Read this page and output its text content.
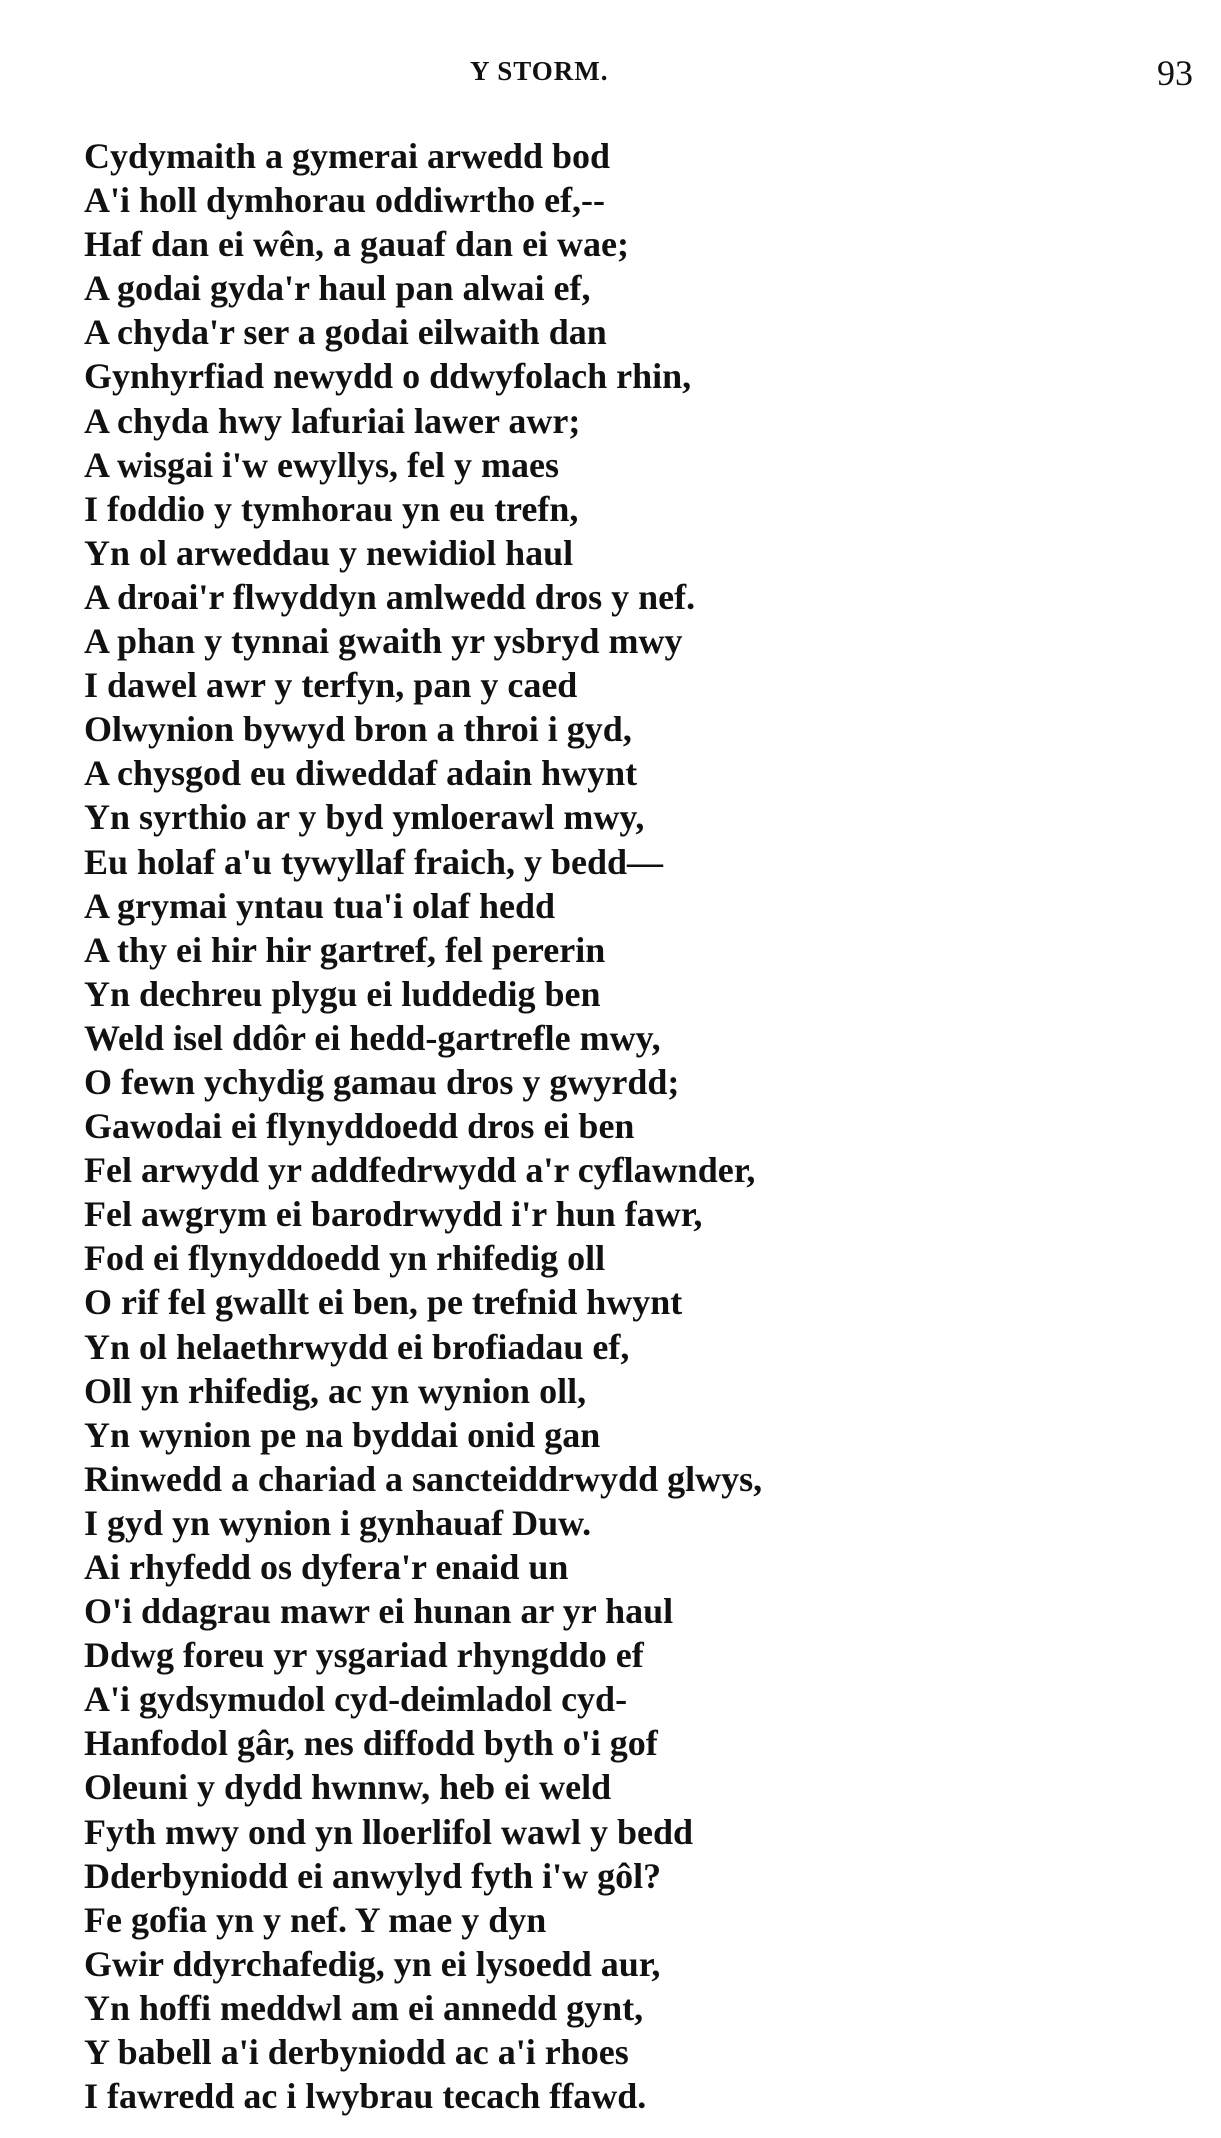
Y STORM.	93
Cydymaith a gymerai arwedd bod
A'i holl dymhorau oddiwrtho ef,--
Haf dan ei wên, a gauaf dan ei wae;
A godai gyda'r haul pan alwai ef,
A chyda'r ser a godai eilwaith dan
Gynhyrfiad newydd o ddwyfolach rhin,
A chyda hwy lafuriai lawer awr;
A wisgai i'w ewyllys, fel y maes
I foddio y tymhorau yn eu trefn,
Yn ol arweddau y newidiol haul
A droai'r flwyddyn amlwedd dros y nef.
A phan y tynnai gwaith yr ysbryd mwy
I dawel awr y terfyn, pan y caed
Olwynion bywyd bron a throi i gyd,
A chysgod eu diweddaf adain hwynt
Yn syrthio ar y byd ymloerawl mwy,
Eu holaf a'u tywyllaf fraich, y bedd—
A grymai yntau tua'i olaf hedd
A thy ei hir hir gartref, fel pererin
Yn dechreu plygu ei luddedig ben
Weld isel ddôr ei hedd-gartrefle mwy,
O fewn ychydig gamau dros y gwyrdd;
Gawodai ei flynyddoedd dros ei ben
Fel arwydd yr addfedrwydd a'r cyflawnder,
Fel awgrym ei barodrwydd i'r hun fawr,
Fod ei flynyddoedd yn rhifedig oll
O rif fel gwallt ei ben, pe trefnid hwynt
Yn ol helaethrwydd ei brofiadau ef,
Oll yn rhifedig, ac yn wynion oll,
Yn wynion pe na byddai onid gan
Rinwedd a chariad a sancteiddrwydd glwys,
I gyd yn wynion i gynhauaf Duw.
Ai rhyfedd os dyfera'r enaid un
O'i ddagrau mawr ei hunan ar yr haul
Ddwg foreu yr ysgariad rhyngddo ef
A'i gydsymudol cyd-deimladol cyd-
Hanfodol gâr, nes diffodd byth o'i gof
Oleuni y dydd hwnnw, heb ei weld
Fyth mwy ond yn lloerlifol wawl y bedd
Dderbyniodd ei anwylyd fyth i'w gôl?
Fe gofia yn y nef. Y mae y dyn
Gwir ddyrchafedig, yn ei lysoedd aur,
Yn hoffi meddwl am ei annedd gynt,
Y babell a'i derbyniodd ac a'i rhoes
I fawredd ac i lwybrau tecach ffawd.
